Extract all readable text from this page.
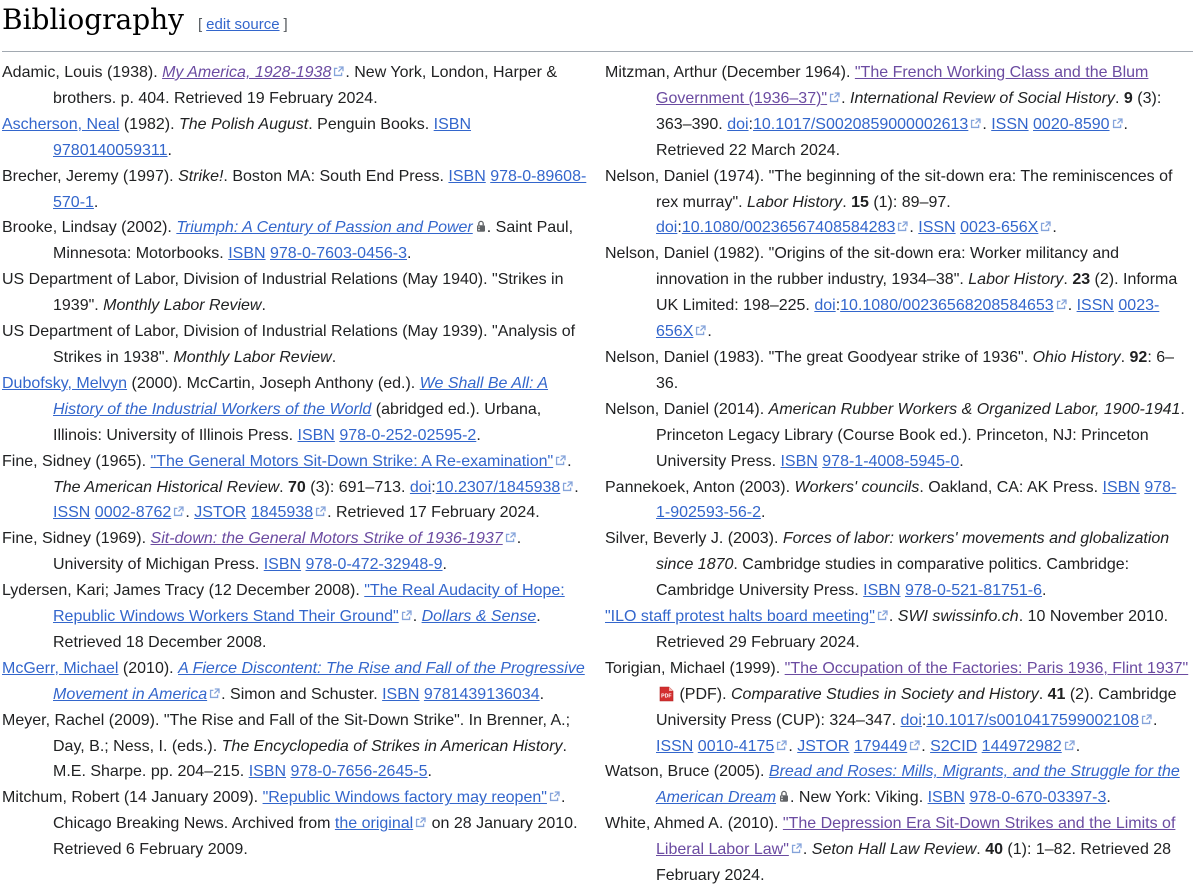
Bibliography [ edit source ]
Adamic, Louis (1938). My America, 1928-1938 . New York, London, Harper & brothers. p. 404. Retrieved 19 February 2024.
Ascherson, Neal (1982). The Polish August. Penguin Books. ISBN 9780140059311.
Brecher, Jeremy (1997). Strike!. Boston MA: South End Press. ISBN 978-0-89608-570-1.
Brooke, Lindsay (2002). Triumph: A Century of Passion and Power . Saint Paul, Minnesota: Motorbooks. ISBN 978-0-7603-0456-3.
US Department of Labor, Division of Industrial Relations (May 1940). "Strikes in 1939". Monthly Labor Review.
US Department of Labor, Division of Industrial Relations (May 1939). "Analysis of Strikes in 1938". Monthly Labor Review.
Dubofsky, Melvyn (2000). McCartin, Joseph Anthony (ed.). We Shall Be All: A History of the Industrial Workers of the World (abridged ed.). Urbana, Illinois: University of Illinois Press. ISBN 978-0-252-02595-2.
Fine, Sidney (1965). "The General Motors Sit-Down Strike: A Re-examination" . The American Historical Review. 70 (3): 691–713. doi:10.2307/1845938 . ISSN 0002-8762 . JSTOR 1845938 . Retrieved 17 February 2024.
Fine, Sidney (1969). Sit-down: the General Motors Strike of 1936-1937 . University of Michigan Press. ISBN 978-0-472-32948-9.
Lydersen, Kari; James Tracy (12 December 2008). "The Real Audacity of Hope: Republic Windows Workers Stand Their Ground" . Dollars & Sense. Retrieved 18 December 2008.
McGerr, Michael (2010). A Fierce Discontent: The Rise and Fall of the Progressive Movement in America . Simon and Schuster. ISBN 9781439136034.
Meyer, Rachel (2009). "The Rise and Fall of the Sit-Down Strike". In Brenner, A.; Day, B.; Ness, I. (eds.). The Encyclopedia of Strikes in American History. M.E. Sharpe. pp. 204–215. ISBN 978-0-7656-2645-5.
Mitchum, Robert (14 January 2009). "Republic Windows factory may reopen" . Chicago Breaking News. Archived from the original on 28 January 2010. Retrieved 6 February 2009.
Mitzman, Arthur (December 1964). "The French Working Class and the Blum Government (1936–37)" . International Review of Social History. 9 (3): 363–390. doi:10.1017/S0020859000002613 . ISSN 0020-8590 . Retrieved 22 March 2024.
Nelson, Daniel (1974). "The beginning of the sit-down era: The reminiscences of rex murray". Labor History. 15 (1): 89–97. doi:10.1080/00236567408584283 . ISSN 0023-656X .
Nelson, Daniel (1982). "Origins of the sit-down era: Worker militancy and innovation in the rubber industry, 1934–38". Labor History. 23 (2). Informa UK Limited: 198–225. doi:10.1080/00236568208584653 . ISSN 0023-656X .
Nelson, Daniel (1983). "The great Goodyear strike of 1936". Ohio History. 92: 6–36.
Nelson, Daniel (2014). American Rubber Workers & Organized Labor, 1900-1941. Princeton Legacy Library (Course Book ed.). Princeton, NJ: Princeton University Press. ISBN 978-1-4008-5945-0.
Pannekoek, Anton (2003). Workers' councils. Oakland, CA: AK Press. ISBN 978-1-902593-56-2.
Silver, Beverly J. (2003). Forces of labor: workers' movements and globalization since 1870. Cambridge studies in comparative politics. Cambridge: Cambridge University Press. ISBN 978-0-521-81751-6.
"ILO staff protest halts board meeting" . SWI swissinfo.ch. 10 November 2010. Retrieved 29 February 2024.
Torigian, Michael (1999). "The Occupation of the Factories: Paris 1936, Flint 1937"
PDF (PDF). Comparative Studies in Society and History. 41 (2). Cambridge University Press (CUP): 324–347. doi:10.1017/s0010417599002108 . ISSN 0010-4175 . JSTOR 179449 . S2CID 144972982 .
Watson, Bruce (2005). Bread and Roses: Mills, Migrants, and the Struggle for the American Dream . New York: Viking. ISBN 978-0-670-03397-3.
White, Ahmed A. (2010). "The Depression Era Sit-Down Strikes and the Limits of Liberal Labor Law" . Seton Hall Law Review. 40 (1): 1–82. Retrieved 28 February 2024.
